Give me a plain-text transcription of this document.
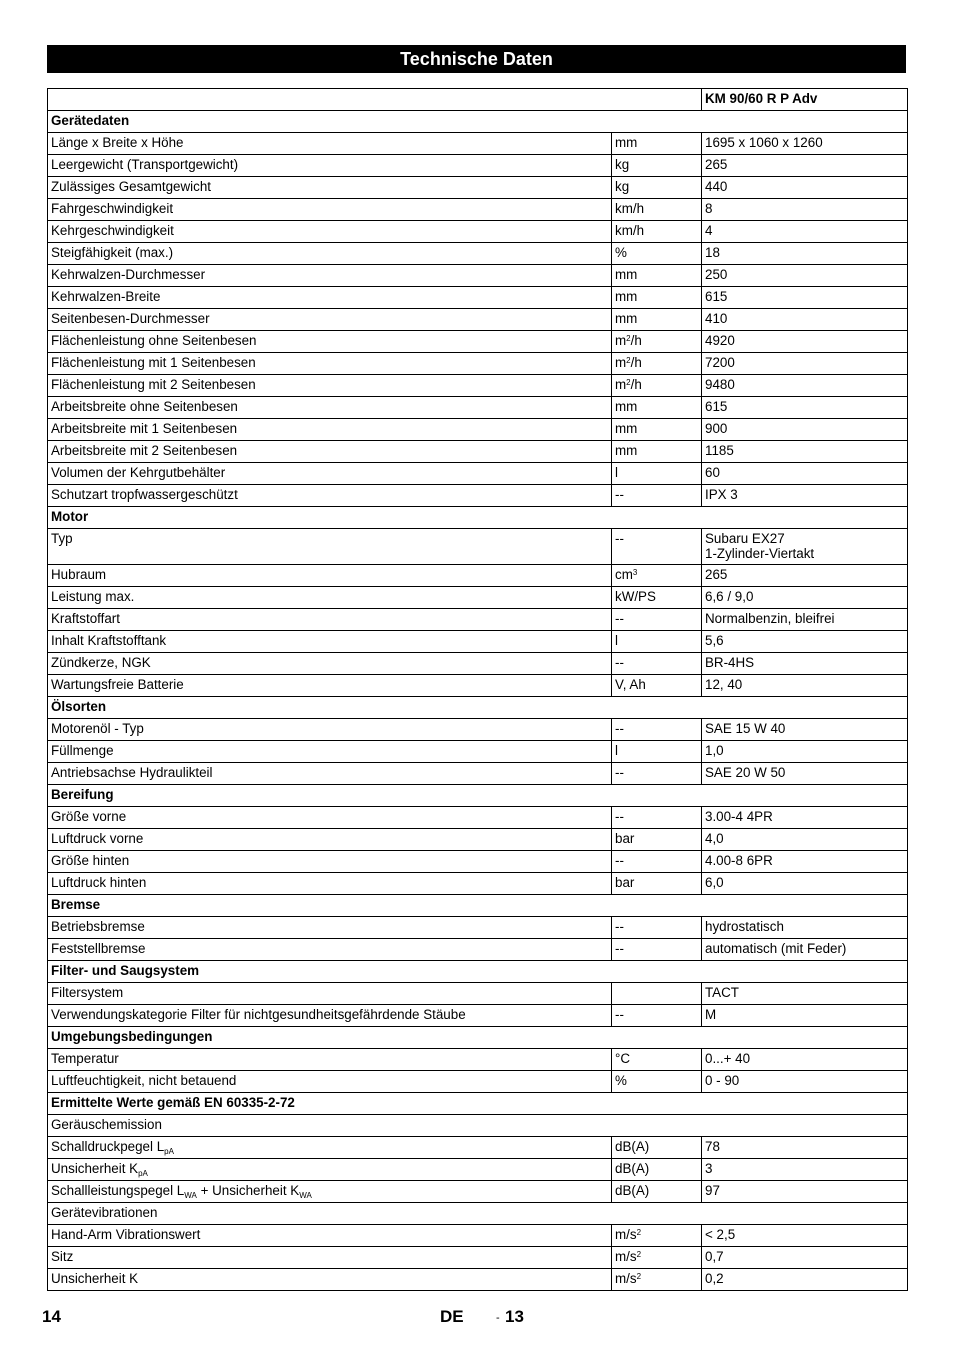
Technische Daten
		KM 90/60 R P Adv
Gerätedaten		
Länge x Breite x Höhe	mm	1695 x 1060 x 1260
Leergewicht (Transportgewicht)	kg	265
Zulässiges Gesamtgewicht	kg	440
Fahrgeschwindigkeit	km/h	8
Kehrgeschwindigkeit	km/h	4
Steigfähigkeit (max.)	%	18
Kehrwalzen-Durchmesser	mm	250
Kehrwalzen-Breite	mm	615
Seitenbesen-Durchmesser	mm	410
Flächenleistung ohne Seitenbesen	$m^2/h$	4920
Flächenleistung mit 1 Seitenbesen	$m^2/h$	7200
Flächenleistung mit 2 Seitenbesen	$m^2/h$	9480
Arbeitsbreite ohne Seitenbesen	mm	615
Arbeitsbreite mit 1 Seitenbesen	mm	900
Arbeitsbreite mit 2 Seitenbesen	mm	1185
Volumen der Kehrgutbehälter	l	60
Schutzart tropfwassergeschützt	--	IPX 3
Motor		
Typ	--	Subaru EX27
1-Zylinder-Viertakt
Hubraum	$cm^3$	265
Leistung max.	kW/PS	6,6 / 9,0
Kraftstoffart	--	Normalbenzin, bleifrei
Inhalt Kraftstofftank	l	5,6
Zündkerze, NGK	--	BR-4HS
Wartungsfreie Batterie	V, Ah	12, 40
Ölsorten		
Motorenöl - Typ	--	SAE 15 W 40
Füllmenge	l	1,0
Antriebsachse Hydraulikteil	--	SAE 20 W 50
Bereifung		
Größe vorne	--	3.00-4 4PR
Luftdruck vorne	bar	4,0
Größe hinten	--	4.00-8 6PR
Luftdruck hinten	bar	6,0
Bremse		
Betriebsbremse	--	hydrostatisch
Feststellbremse	--	automatisch (mit Feder)
Filter- und Saugsystem		
Filtersystem		TACT
Verwendungskategorie Filter für nichtgesundheitsgefährdende Stäube	--	M
Umgebungsbedingungen		
Temperatur	°C	0...+ 40
Luftfeuchtigkeit, nicht betauend	%	0 - 90
Ermittelte Werte gemäß EN 60335-2-72		
Geräuschemission		
Schalldruckpegel $L_{pA}$	dB(A)	78
Unsicherheit $K_{pA}$	dB(A)	3
Schallleistungspegel $L_{WA}$ + Unsicherheit $K_{WA}$	dB(A)	97
Gerätevibrationen		
Hand-Arm Vibrationswert	$m/s^2$	< 2,5
Sitz	$m/s^2$	0,7
Unsicherheit K	$m/s^2$	0,2
14	DE	- 13
